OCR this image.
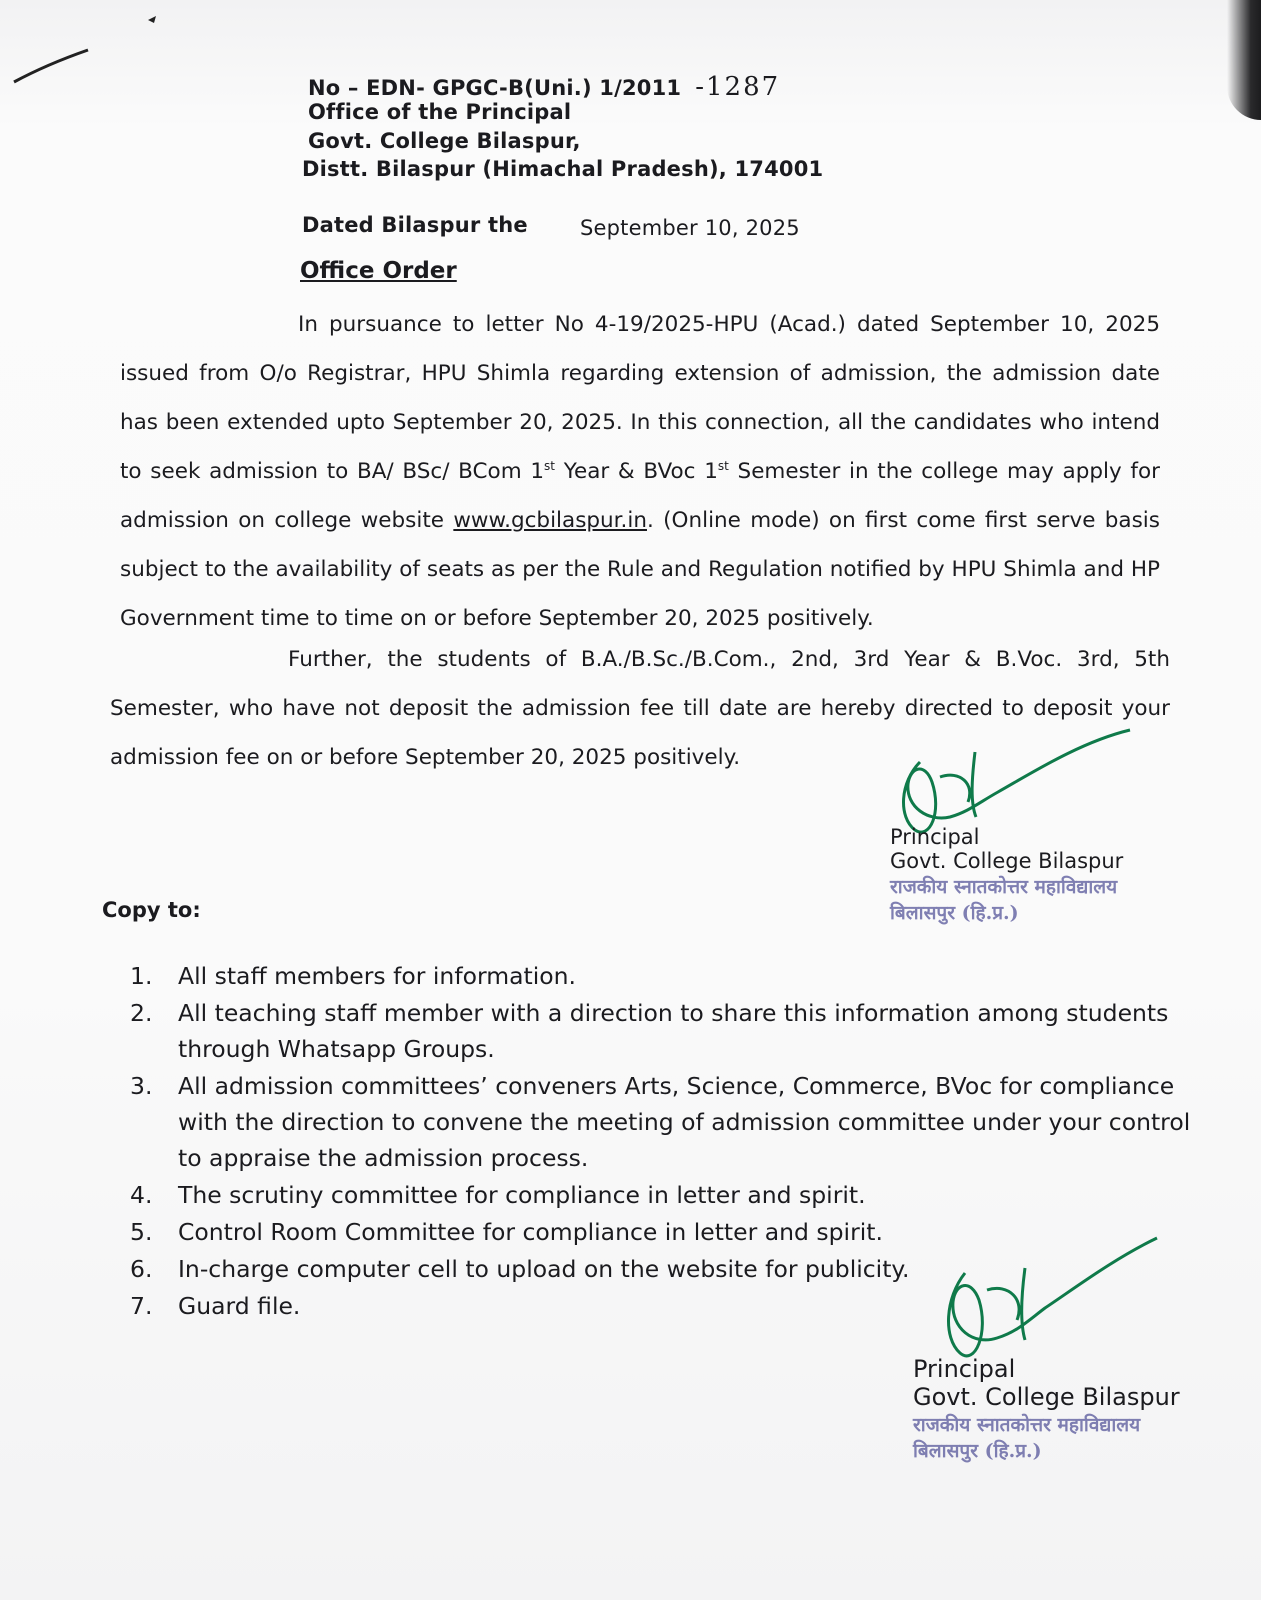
No – EDN- GPGC-B(Uni.) 1/2011 -1287
Office of the Principal
Govt. College Bilaspur,
Distt. Bilaspur (Himachal Pradesh), 174001
Dated Bilaspur the September 10, 2025
Office Order

In pursuance to letter No 4-19/2025-HPU (Acad.) dated September 10, 2025 issued from O/o Registrar, HPU Shimla regarding extension of admission, the admission date has been extended upto September 20, 2025. In this connection, all the candidates who intend to seek admission to BA/ BSc/ BCom 1st Year & BVoc 1st Semester in the college may apply for admission on college website www.gcbilaspur.in. (Online mode) on first come first serve basis subject to the availability of seats as per the Rule and Regulation notified by HPU Shimla and HP Government time to time on or before September 20, 2025 positively.

Further, the students of B.A./B.Sc./B.Com., 2nd, 3rd Year & B.Voc. 3rd, 5th Semester, who have not deposit the admission fee till date are hereby directed to deposit your admission fee on or before September 20, 2025 positively.

Principal
Govt. College Bilaspur
राजकीय स्नातकोत्तर महाविद्यालय
बिलासपुर (हि.प्र.)
Copy to:
1. All staff members for information.
2. All teaching staff member with a direction to share this information among students through Whatsapp Groups.
3. All admission committees’ conveners Arts, Science, Commerce, BVoc for compliance with the direction to convene the meeting of admission committee under your control to appraise the admission process.
4. The scrutiny committee for compliance in letter and spirit.
5. Control Room Committee for compliance in letter and spirit.
6. In-charge computer cell to upload on the website for publicity.
7. Guard file.
Principal
Govt. College Bilaspur
राजकीय स्नातकोत्तर महाविद्यालय
बिलासपुर (हि.प्र.)
